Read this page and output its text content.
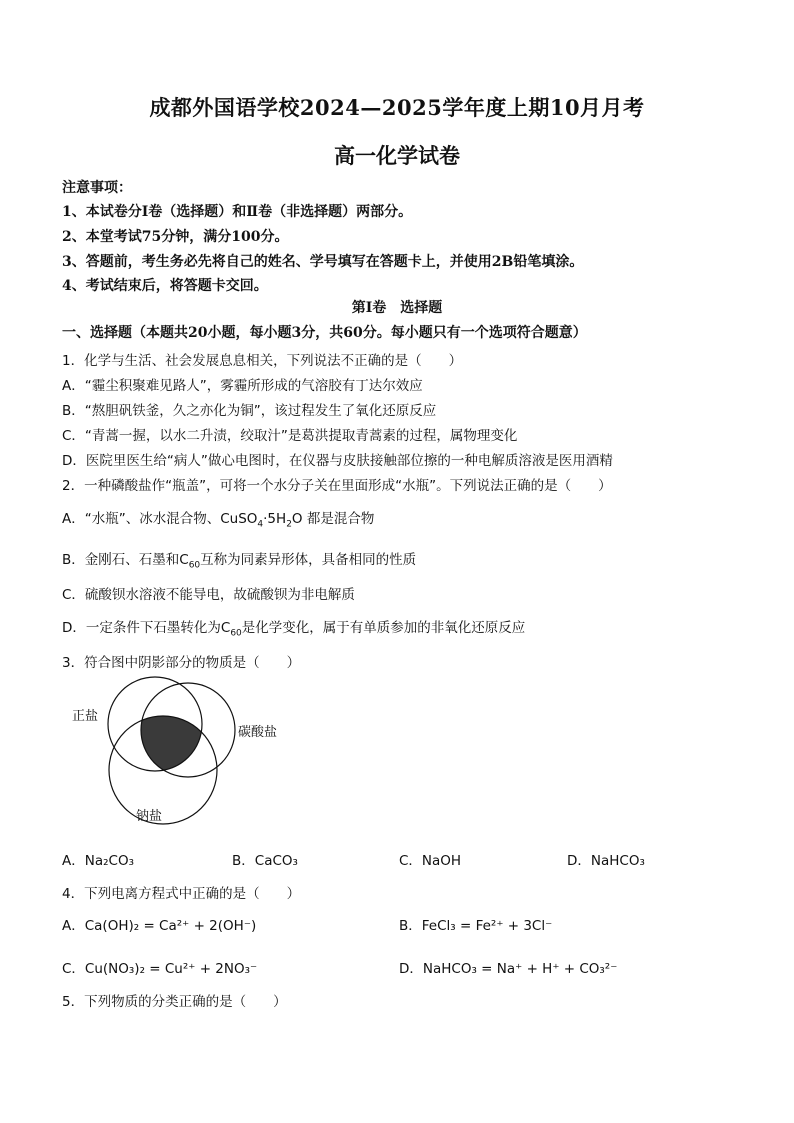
成都外国语学校2024—2025学年度上期10月月考
高一化学试卷
注意事项：
1、本试卷分Ⅰ卷（选择题）和Ⅱ卷（非选择题）两部分。
2、本堂考试75分钟，满分100分。
3、答题前，考生务必先将自己的姓名、学号填写在答题卡上，并使用2B铅笔填涂。
4、考试结束后，将答题卡交回。
第Ⅰ卷　选择题
一、选择题（本题共20小题，每小题3分，共60分。每小题只有一个选项符合题意）
1．化学与生活、社会发展息息相关，下列说法不正确的是（　　）
A．“霾尘积聚难见路人”，雾霾所形成的气溶胶有丁达尔效应
B．“熬胆矾铁釜，久之亦化为铜”，该过程发生了氧化还原反应
C．“青蒿一握，以水二升渍，绞取汁”是葛洪提取青蒿素的过程，属物理变化
D．医院里医生给“病人”做心电图时，在仪器与皮肤接触部位擦的一种电解质溶液是医用酒精
2．一种磷酸盐作“瓶盖”，可将一个水分子关在里面形成“水瓶”。下列说法正确的是（　　）
A．“水瓶”、冰水混合物、$CuSO_4\cdot 5H_2O$ 都是混合物
B．金刚石、石墨和$C_{60}$互称为同素异形体，具备相同的性质
C．硫酸钡水溶液不能导电，故硫酸钡为非电解质
D．一定条件下石墨转化为$C_{60}$是化学变化，属于有单质参加的非氧化还原反应
3．符合图中阴影部分的物质是（　　）
正盐
碳酸盐
钠盐
A．Na₂CO₃	B．CaCO₃	C．NaOH	D．NaHCO₃
4．下列电离方程式中正确的是（　　）
A．Ca(OH)₂ = Ca²⁺ + 2(OH⁻)	B．FeCl₃ = Fe²⁺ + 3Cl⁻
C．Cu(NO₃)₂ = Cu²⁺ + 2NO₃⁻	D．NaHCO₃ = Na⁺ + H⁺ + CO₃²⁻
5．下列物质的分类正确的是（　　）
